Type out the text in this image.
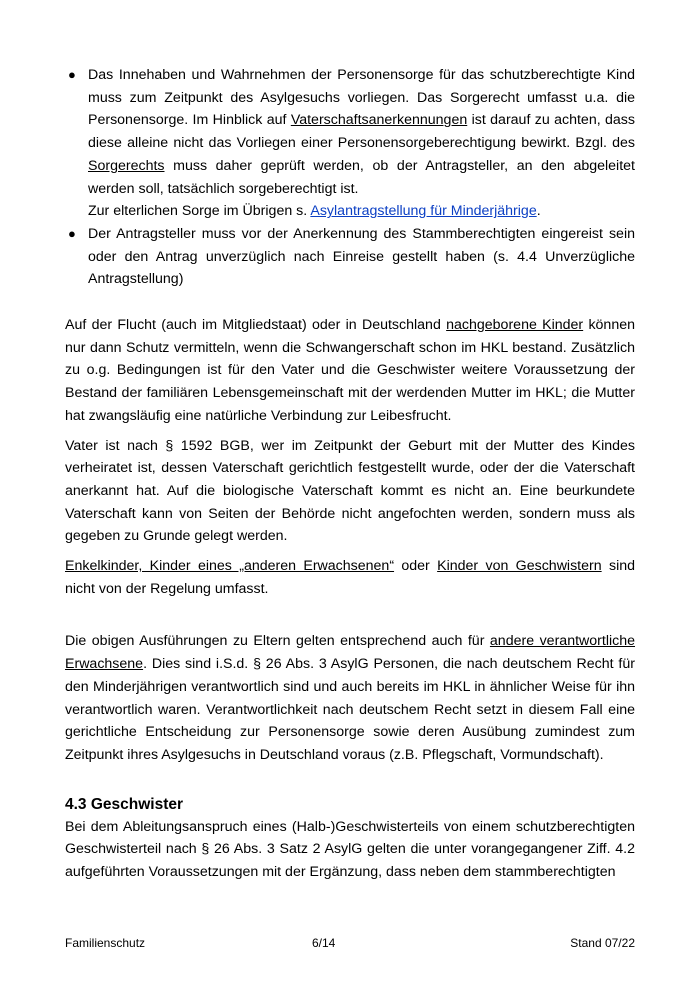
● Das Innehaben und Wahrnehmen der Personensorge für das schutzberechtigte Kind muss zum Zeitpunkt des Asylgesuchs vorliegen. Das Sorgerecht umfasst u.a. die Personensorge. Im Hinblick auf Vaterschaftsanerkennungen ist darauf zu achten, dass diese alleine nicht das Vorliegen einer Personensorgeberechtigung bewirkt. Bzgl. des Sorgerechts muss daher geprüft werden, ob der Antragsteller, an den abgeleitet werden soll, tatsächlich sorgeberechtigt ist.
Zur elterlichen Sorge im Übrigen s. Asylantragstellung für Minderjährige.
● Der Antragsteller muss vor der Anerkennung des Stammberechtigten eingereist sein oder den Antrag unverzüglich nach Einreise gestellt haben (s. 4.4 Unverzügliche Antragstellung)

Auf der Flucht (auch im Mitgliedstaat) oder in Deutschland nachgeborene Kinder können nur dann Schutz vermitteln, wenn die Schwangerschaft schon im HKL bestand. Zusätzlich zu o.g. Bedingungen ist für den Vater und die Geschwister weitere Voraussetzung der Bestand der familiären Lebensgemeinschaft mit der werdenden Mutter im HKL; die Mutter hat zwangsläufig eine natürliche Verbindung zur Leibesfrucht.

Vater ist nach § 1592 BGB, wer im Zeitpunkt der Geburt mit der Mutter des Kindes verheiratet ist, dessen Vaterschaft gerichtlich festgestellt wurde, oder der die Vaterschaft anerkannt hat. Auf die biologische Vaterschaft kommt es nicht an. Eine beurkundete Vaterschaft kann von Seiten der Behörde nicht angefochten werden, sondern muss als gegeben zu Grunde gelegt werden.

Enkelkinder, Kinder eines „anderen Erwachsenen“ oder Kinder von Geschwistern sind nicht von der Regelung umfasst.

Die obigen Ausführungen zu Eltern gelten entsprechend auch für andere verantwortliche Erwachsene. Dies sind i.S.d. § 26 Abs. 3 AsylG Personen, die nach deutschem Recht für den Minderjährigen verantwortlich sind und auch bereits im HKL in ähnlicher Weise für ihn verantwortlich waren. Verantwortlichkeit nach deutschem Recht setzt in diesem Fall eine gerichtliche Entscheidung zur Personensorge sowie deren Ausübung zumindest zum Zeitpunkt ihres Asylgesuchs in Deutschland voraus (z.B. Pflegschaft, Vormundschaft).

4.3 Geschwister

Bei dem Ableitungsanspruch eines (Halb-)Geschwisterteils von einem schutzberechtigten Geschwisterteil nach § 26 Abs. 3 Satz 2 AsylG gelten die unter vorangegangener Ziff. 4.2 aufgeführten Voraussetzungen mit der Ergänzung, dass neben dem stammberechtigten

Familienschutz	6/14	Stand 07/22
